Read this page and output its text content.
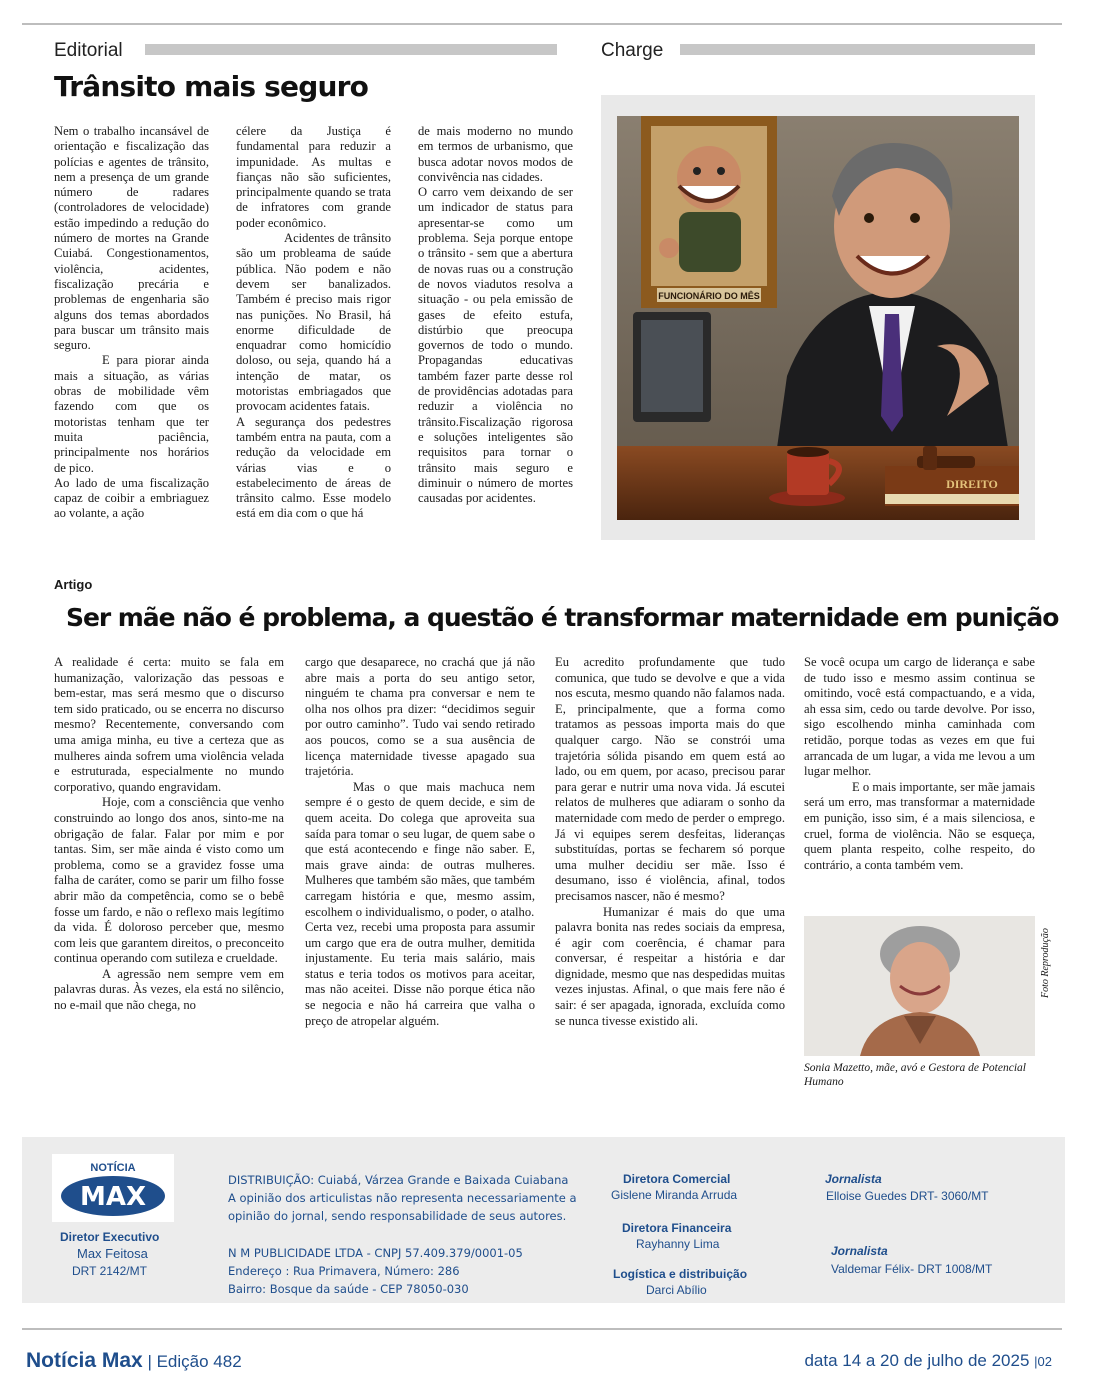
Editorial
Trânsito mais seguro

Nem o trabalho incansável de orientação e fiscalização das polícias e agentes de trânsito, nem a presença de um grande número de radares (controladores de velocidade) estão impedindo a redução do número de mortes na Grande Cuiabá. Congestionamentos, violência, acidentes, fiscalização precária e problemas de engenharia são alguns dos temas abordados para buscar um trânsito mais seguro.

E para piorar ainda mais a situação, as várias obras de mobilidade vêm fazendo com que os motoristas tenham que ter muita paciência, principalmente nos horários de pico.

Ao lado de uma fiscalização capaz de coibir a embriaguez ao volante, a ação

célere da Justiça é fundamental para reduzir a impunidade. As multas e fianças não são suficientes, principalmente quando se trata de infratores com grande poder econômico.

Acidentes de trânsito são um probleama de saúde pública. Não podem e não devem ser banalizados. Também é preciso mais rigor nas punições. No Brasil, há enorme dificuldade de enquadrar como homicídio doloso, ou seja, quando há a intenção de matar, os motoristas embriagados que provocam acidentes fatais.

A segurança dos pedestres também entra na pauta, com a redução da velocidade em várias vias e o estabelecimento de áreas de trânsito calmo. Esse modelo está em dia com o que há

de mais moderno no mundo em termos de urbanismo, que busca adotar novos modos de convivência nas cidades.

O carro vem deixando de ser um indicador de status para apresentar-se como um problema. Seja porque entope o trânsito - sem que a abertura de novas ruas ou a construção de novos viadutos resolva a situação - ou pela emissão de gases de efeito estufa, distúrbio que preocupa governos de todo o mundo. Propagandas educativas também fazer parte desse rol de providências adotadas para reduzir a violência no trânsito.Fiscalização rigorosa e soluções inteligentes são requisitos para tornar o trânsito mais seguro e diminuir o número de mortes causadas por acidentes.

Charge
FUNCIONÁRIO DO MÊS
DIREITO
Artigo
Ser mãe não é problema, a questão é transformar maternidade em punição

A realidade é certa: muito se fala em humanização, valorização das pessoas e bem-estar, mas será mesmo que o discurso tem sido praticado, ou se encerra no discurso mesmo? Recentemente, conversando com uma amiga minha, eu tive a certeza que as mulheres ainda sofrem uma violência velada e estruturada, especialmente no mundo corporativo, quando engravidam.

Hoje, com a consciência que venho construindo ao longo dos anos, sinto-me na obrigação de falar. Falar por mim e por tantas. Sim, ser mãe ainda é visto como um problema, como se a gravidez fosse uma falha de caráter, como se parir um filho fosse abrir mão da competência, como se o bebê fosse um fardo, e não o reflexo mais legítimo da vida. É doloroso perceber que, mesmo com leis que garantem direitos, o preconceito continua operando com sutileza e crueldade.

A agressão nem sempre vem em palavras duras. Às vezes, ela está no silêncio, no e-mail que não chega, no

cargo que desaparece, no crachá que já não abre mais a porta do seu antigo setor, ninguém te chama pra conversar e nem te olha nos olhos pra dizer: “decidimos seguir por outro caminho”. Tudo vai sendo retirado aos poucos, como se a sua ausência de licença maternidade tivesse apagado sua trajetória.

Mas o que mais machuca nem sempre é o gesto de quem decide, e sim de quem aceita. Do colega que aproveita sua saída para tomar o seu lugar, de quem sabe o que está acontecendo e finge não saber. E, mais grave ainda: de outras mulheres. Mulheres que também são mães, que também carregam história e que, mesmo assim, escolhem o individualismo, o poder, o atalho.

Certa vez, recebi uma proposta para assumir um cargo que era de outra mulher, demitida injustamente. Eu teria mais salário, mais status e teria todos os motivos para aceitar, mas não aceitei. Disse não porque ética não se negocia e não há carreira que valha o preço de atropelar alguém.

Eu acredito profundamente que tudo comunica, que tudo se devolve e que a vida nos escuta, mesmo quando não falamos nada. E, principalmente, que a forma como tratamos as pessoas importa mais do que qualquer cargo. Não se constrói uma trajetória sólida pisando em quem está ao lado, ou em quem, por acaso, precisou parar para gerar e nutrir uma nova vida. Já escutei relatos de mulheres que adiaram o sonho da maternidade com medo de perder o emprego. Já vi equipes serem desfeitas, lideranças substituídas, portas se fecharem só porque uma mulher decidiu ser mãe. Isso é desumano, isso é violência, afinal, todos precisamos nascer, não é mesmo?

Humanizar é mais do que uma palavra bonita nas redes sociais da empresa, é agir com coerência, é chamar para conversar, é respeitar a história e dar dignidade, mesmo que nas despedidas muitas vezes injustas. Afinal, o que mais fere não é sair: é ser apagada, ignorada, excluída como se nunca tivesse existido ali.

Se você ocupa um cargo de liderança e sabe de tudo isso e mesmo assim continua se omitindo, você está compactuando, e a vida, ah essa sim, cedo ou tarde devolve. Por isso, sigo escolhendo minha caminhada com retidão, porque todas as vezes em que fui arrancada de um lugar, a vida me levou a um lugar melhor.

E o mais importante, ser mãe jamais será um erro, mas transformar a maternidade em punição, isso sim, é a mais silenciosa, e cruel, forma de violência. Não se esqueça, quem planta respeito, colhe respeito, do contrário, a conta também vem.

Foto Reprodução
Sonia Mazetto, mãe, avó e Gestora de Potencial Humano
NOTÍCIA
MAX
Diretor Executivo
Max Feitosa
DRT 2142/MT
DISTRIBUIÇÃO: Cuiabá, Várzea Grande e Baixada Cuiabana
A opinião dos articulistas não representa necessariamente a
opinião do jornal, sendo responsabilidade de seus autores.
N M PUBLICIDADE LTDA - CNPJ 57.409.379/0001-05
Endereço : Rua Primavera, Número: 286
Bairro: Bosque da saúde - CEP 78050-030
Diretora Comercial
Gislene Miranda Arruda
Diretora Financeira
Rayhanny Lima
Logística e distribuição
Darci Abílio
Jornalista
Elloise Guedes DRT- 3060/MT
Jornalista
Valdemar Félix- DRT 1008/MT
Notícia Max | Edição 482	data 14 a 20 de julho de 2025 |02
